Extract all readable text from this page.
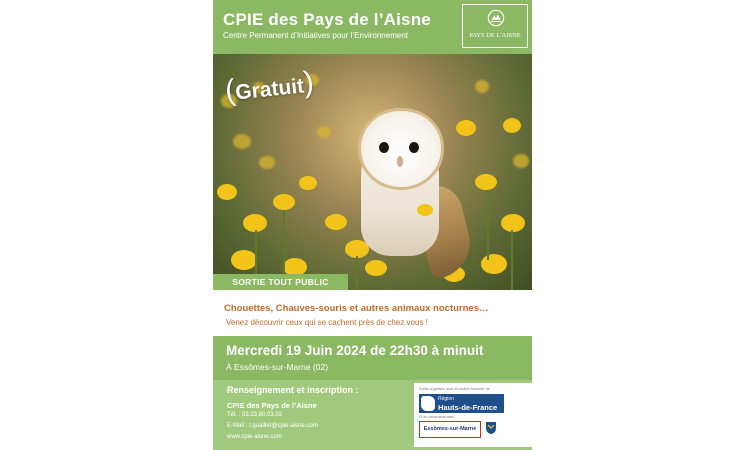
CPIE des Pays de l’Aisne
Centre Permanent d’Initiatives pour l’Environnement	PAYS DE L'AISNE
(Gratuit)
SORTIE TOUT PUBLIC
Chouettes, Chauves-souris et autres animaux nocturnes…
Venez découvrir ceux qui se cachent près de chez vous !
Mercredi 19 Juin 2024 de 22h30 à minuit
À Essômes-sur-Marne (02)
Renseignement et inscription :
CPIE des Pays de l’Aisne
Tél. : 03.23.80.03.02
E-Mail : t.quaillet@cpie-aisne.com
www.cpie-aisne.com
Sortie organisée avec le soutien financier de :
Région
Hauts-de-France
Et en partenariat avec :
Essômes-sur-Marne
